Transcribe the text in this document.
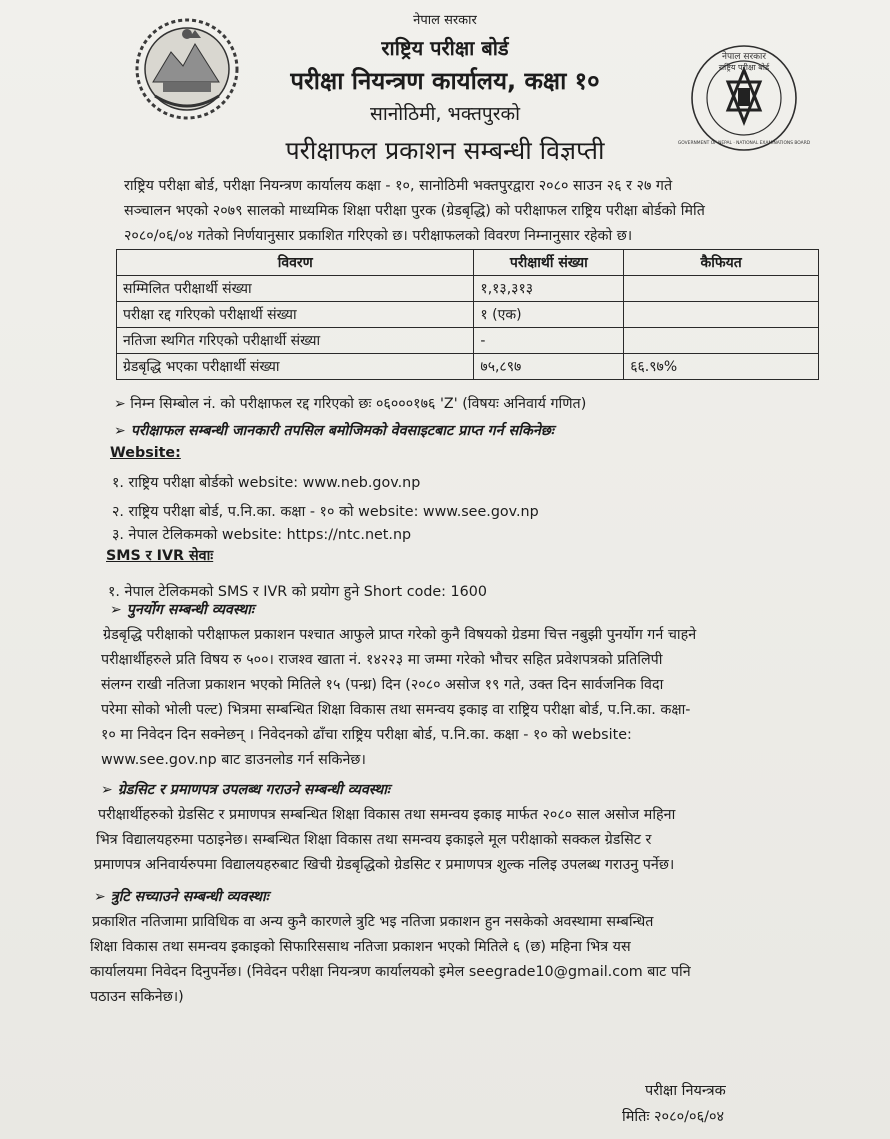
नेपाल सरकार
राष्ट्रिय परीक्षा बोर्ड
GOVERNMENT OF NEPAL · NATIONAL EXAMINATIONS BOARD
नेपाल सरकार
राष्ट्रिय परीक्षा बोर्ड
परीक्षा नियन्त्रण कार्यालय, कक्षा १०
सानोठिमी, भक्तपुरको
परीक्षाफल प्रकाशन सम्बन्धी विज्ञप्ती
राष्ट्रिय परीक्षा बोर्ड, परीक्षा नियन्त्रण कार्यालय कक्षा - १०, सानोठिमी भक्तपुरद्वारा २०८० साउन २६ र २७ गते
सञ्चालन भएको २०७९ सालको माध्यमिक शिक्षा परीक्षा पुरक (ग्रेडबृद्धि) को परीक्षाफल राष्ट्रिय परीक्षा बोर्डको मिति
२०८०/०६/०४ गतेको निर्णयानुसार प्रकाशित गरिएको छ। परीक्षाफलको विवरण निम्नानुसार रहेको छ।
विवरण	परीक्षार्थी संख्या	कैफियत
सम्मिलित परीक्षार्थी संख्या	१,१३,३१३	
परीक्षा रद्द गरिएको परीक्षार्थी संख्या	१ (एक)	
नतिजा स्थगित गरिएको परीक्षार्थी संख्या	-	
ग्रेडबृद्धि भएका परीक्षार्थी संख्या	७५,८९७	६६.९७%
➢ निम्न सिम्बोल नं. को परीक्षाफल रद्द गरिएको छः ०६०००१७६ 'Z' (विषयः अनिवार्य गणित)
➢ परीक्षाफल सम्बन्धी जानकारी तपसिल बमोजिमको वेवसाइटबाट प्राप्त गर्न सकिनेछः
Website:
१. राष्ट्रिय परीक्षा बोर्डको website: www.neb.gov.np
२. राष्ट्रिय परीक्षा बोर्ड, प.नि.का. कक्षा - १० को website: www.see.gov.np
३. नेपाल टेलिकमको website: https://ntc.net.np
SMS र IVR सेवाः
१. नेपाल टेलिकमको SMS र IVR को प्रयोग हुने Short code: 1600
➢ पुनर्योग सम्बन्धी व्यवस्थाः
ग्रेडबृद्धि परीक्षाको परीक्षाफल प्रकाशन पश्चात आफुले प्राप्त गरेको कुनै विषयको ग्रेडमा चित्त नबुझी पुनर्योग गर्न चाहने
परीक्षार्थीहरुले प्रति विषय रु ५००। राजश्व खाता नं. १४२२३ मा जम्मा गरेको भौचर सहित प्रवेशपत्रको प्रतिलिपी
संलग्न राखी नतिजा प्रकाशन भएको मितिले १५ (पन्ध्र) दिन (२०८० असोज १९ गते, उक्त दिन सार्वजनिक विदा
परेमा सोको भोली पल्ट) भित्रमा सम्बन्धित शिक्षा विकास तथा समन्वय इकाइ वा राष्ट्रिय परीक्षा बोर्ड, प.नि.का. कक्षा-
१० मा निवेदन दिन सक्नेछन् । निवेदनको ढाँचा राष्ट्रिय परीक्षा बोर्ड, प.नि.का. कक्षा - १० को website:
www.see.gov.np बाट डाउनलोड गर्न सकिनेछ।
➢ ग्रेडसिट र प्रमाणपत्र उपलब्ध गराउने सम्बन्धी व्यवस्थाः
परीक्षार्थीहरुको ग्रेडसिट र प्रमाणपत्र सम्बन्धित शिक्षा विकास तथा समन्वय इकाइ मार्फत २०८० साल असोज महिना
भित्र विद्यालयहरुमा पठाइनेछ। सम्बन्धित शिक्षा विकास तथा समन्वय इकाइले मूल परीक्षाको सक्कल ग्रेडसिट र
प्रमाणपत्र अनिवार्यरुपमा विद्यालयहरुबाट खिची ग्रेडबृद्धिको ग्रेडसिट र प्रमाणपत्र शुल्क नलिइ उपलब्ध गराउनु पर्नेछ।
➢ त्रुटि सच्याउने सम्बन्धी व्यवस्थाः
प्रकाशित नतिजामा प्राविधिक वा अन्य कुनै कारणले त्रुटि भइ नतिजा प्रकाशन हुन नसकेको अवस्थामा सम्बन्धित
शिक्षा विकास तथा समन्वय इकाइको सिफारिससाथ नतिजा प्रकाशन भएको मितिले ६ (छ) महिना भित्र यस
कार्यालयमा निवेदन दिनुपर्नेछ। (निवेदन परीक्षा नियन्त्रण कार्यालयको इमेल seegrade10@gmail.com बाट पनि
पठाउन सकिनेछ।)
परीक्षा नियन्त्रक
मितिः २०८०/०६/०४
